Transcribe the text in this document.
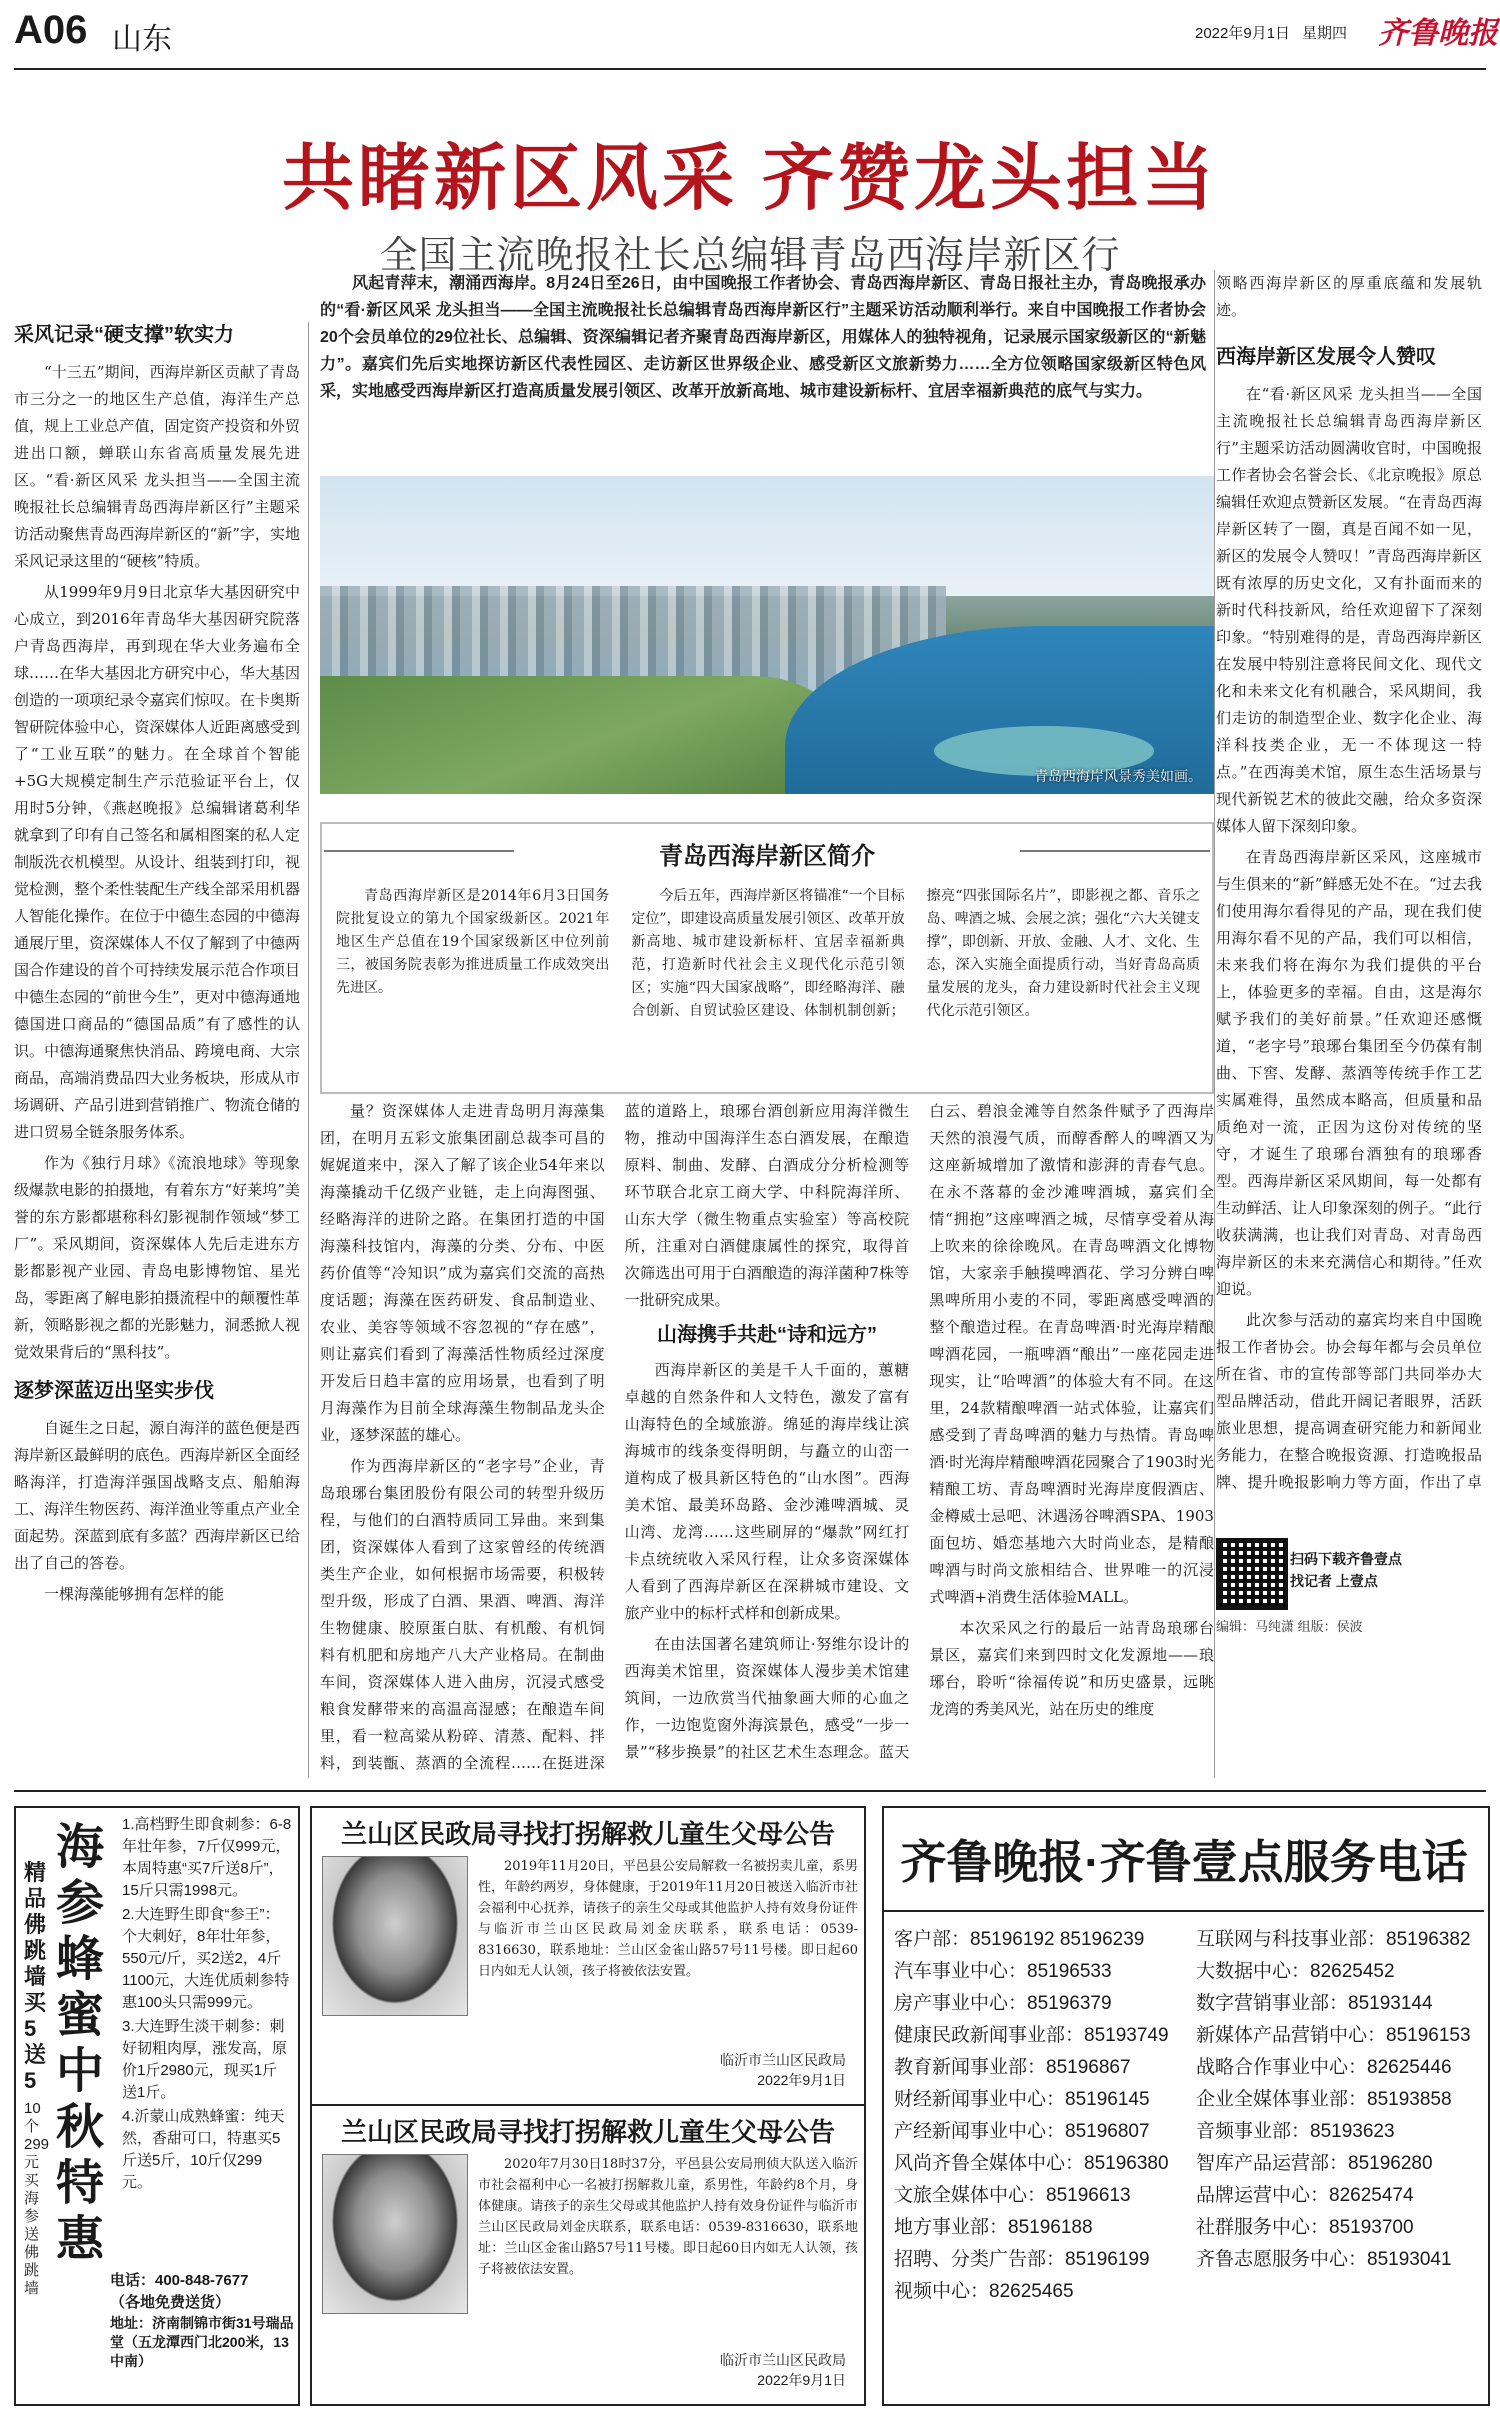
A06 山东	2022年9月1日 星期四 齐鲁晚报
共睹新区风采 齐赞龙头担当
全国主流晚报社长总编辑青岛西海岸新区行
采风记录“硬支撑”软实力

“十三五”期间，西海岸新区贡献了青岛市三分之一的地区生产总值，海洋生产总值，规上工业总产值，固定资产投资和外贸进出口额，蝉联山东省高质量发展先进区。“看·新区风采 龙头担当——全国主流晚报社长总编辑青岛西海岸新区行”主题采访活动聚焦青岛西海岸新区的“新”字，实地采风记录这里的“硬核”特质。

从1999年9月9日北京华大基因研究中心成立，到2016年青岛华大基因研究院落户青岛西海岸，再到现在华大业务遍布全球……在华大基因北方研究中心，华大基因创造的一项项纪录令嘉宾们惊叹。在卡奥斯智研院体验中心，资深媒体人近距离感受到了“工业互联”的魅力。在全球首个智能+5G大规模定制生产示范验证平台上，仅用时5分钟，《燕赵晚报》总编辑诸葛利华就拿到了印有自己签名和属相图案的私人定制版洗衣机模型。从设计、组装到打印，视觉检测，整个柔性装配生产线全部采用机器人智能化操作。在位于中德生态园的中德海通展厅里，资深媒体人不仅了解到了中德两国合作建设的首个可持续发展示范合作项目中德生态园的“前世今生”，更对中德海通地德国进口商品的“德国品质”有了感性的认识。中德海通聚焦快消品、跨境电商、大宗商品，高端消费品四大业务板块，形成从市场调研、产品引进到营销推广、物流仓储的进口贸易全链条服务体系。

作为《独行月球》《流浪地球》等现象级爆款电影的拍摄地，有着东方“好莱坞”美誉的东方影都堪称科幻影视制作领域“梦工厂”。采风期间，资深媒体人先后走进东方影都影视产业园、青岛电影博物馆、星光岛，零距离了解电影拍摄流程中的颠覆性革新，领略影视之都的光影魅力，洞悉掀人视觉效果背后的“黑科技”。

逐梦深蓝迈出坚实步伐

自诞生之日起，源自海洋的蓝色便是西海岸新区最鲜明的底色。西海岸新区全面经略海洋，打造海洋强国战略支点、船舶海工、海洋生物医药、海洋渔业等重点产业全面起势。深蓝到底有多蓝？西海岸新区已给出了自己的答卷。

一棵海藻能够拥有怎样的能

风起青萍末，潮涌西海岸。8月24日至26日，由中国晚报工作者协会、青岛西海岸新区、青岛日报社主办，青岛晚报承办的“看·新区风采 龙头担当——全国主流晚报社长总编辑青岛西海岸新区行”主题采访活动顺利举行。来自中国晚报工作者协会20个会员单位的29位社长、总编辑、资深编辑记者齐聚青岛西海岸新区，用媒体人的独特视角，记录展示国家级新区的“新魅力”。嘉宾们先后实地探访新区代表性园区、走访新区世界级企业、感受新区文旅新势力……全方位领略国家级新区特色风采，实地感受西海岸新区打造高质量发展引领区、改革开放新高地、城市建设新标杆、宜居幸福新典范的底气与实力。
青岛西海岸风景秀美如画。
青岛西海岸新区简介

青岛西海岸新区是2014年6月3日国务院批复设立的第九个国家级新区。2021年地区生产总值在19个国家级新区中位列前三，被国务院表彰为推进质量工作成效突出先进区。

今后五年，西海岸新区将锚准“一个目标定位”，即建设高质量发展引领区、改革开放新高地、城市建设新标杆、宜居幸福新典范，打造新时代社会主义现代化示范引领区；实施“四大国家战略”，即经略海洋、融合创新、自贸试验区建设、体制机制创新；擦亮“四张国际名片”，即影视之都、音乐之岛、啤酒之城、会展之滨；强化“六大关键支撑”，即创新、开放、金融、人才、文化、生态，深入实施全面提质行动，当好青岛高质量发展的龙头，奋力建设新时代社会主义现代化示范引领区。

量？资深媒体人走进青岛明月海藻集团，在明月五彩文旅集团副总裁李可昌的娓娓道来中，深入了解了该企业54年来以海藻撬动千亿级产业链，走上向海图强、经略海洋的进阶之路。在集团打造的中国海藻科技馆内，海藻的分类、分布、中医药价值等“冷知识”成为嘉宾们交流的高热度话题；海藻在医药研发、食品制造业、农业、美容等领域不容忽视的“存在感”，则让嘉宾们看到了海藻活性物质经过深度开发后日趋丰富的应用场景，也看到了明月海藻作为目前全球海藻生物制品龙头企业，逐梦深蓝的雄心。

作为西海岸新区的“老字号”企业，青岛琅琊台集团股份有限公司的转型升级历程，与他们的白酒特质同工异曲。来到集团，资深媒体人看到了这家曾经的传统酒类生产企业，如何根据市场需要，积极转型升级，形成了白酒、果酒、啤酒、海洋生物健康、胶原蛋白肽、有机酸、有机饲料有机肥和房地产八大产业格局。在制曲车间，资深媒体人进入曲房，沉浸式感受粮食发酵带来的高温高湿感；在酿造车间里，看一粒高粱从粉碎、清蒸、配料、拌料，到装甑、蒸酒的全流程……在挺进深蓝的道路上，琅琊台酒创新应用海洋微生物，推动中国海洋生态白酒发展，在酿造原料、制曲、发酵、白酒成分分析检测等环节联合北京工商大学、中科院海洋所、山东大学（微生物重点实验室）等高校院所，注重对白酒健康属性的探究，取得首次筛选出可用于白酒酿造的海洋菌种7株等一批研究成果。

山海携手共赴“诗和远方”

西海岸新区的美是千人千面的，蕙糖卓越的自然条件和人文特色，激发了富有山海特色的全域旅游。绵延的海岸线让滨海城市的线条变得明朗，与矗立的山峦一道构成了极具新区特色的“山水图”。西海美术馆、最美环岛路、金沙滩啤酒城、灵山湾、龙湾……这些刷屏的“爆款”网红打卡点统统收入采风行程，让众多资深媒体人看到了西海岸新区在深耕城市建设、文旅产业中的标杆式样和创新成果。

在由法国著名建筑师让·努维尔设计的西海美术馆里，资深媒体人漫步美术馆建筑间，一边欣赏当代抽象画大师的心血之作，一边饱览窗外海滨景色，感受“一步一景”“移步换景”的社区艺术生态理念。蓝天白云、碧浪金滩等自然条件赋予了西海岸天然的浪漫气质，而醇香醉人的啤酒又为这座新城增加了激情和澎湃的青春气息。在永不落幕的金沙滩啤酒城，嘉宾们全情“拥抱”这座啤酒之城，尽情享受着从海上吹来的徐徐晚风。在青岛啤酒文化博物馆，大家亲手触摸啤酒花、学习分辨白啤黑啤所用小麦的不同，零距离感受啤酒的整个酿造过程。在青岛啤酒·时光海岸精酿啤酒花园，一瓶啤酒“酿出”一座花园走进现实，让“哈啤酒”的体验大有不同。在这里，24款精酿啤酒一站式体验，让嘉宾们感受到了青岛啤酒的魅力与热情。青岛啤酒·时光海岸精酿啤酒花园聚合了1903时光精酿工坊、青岛啤酒时光海岸度假酒店、金樽威士忌吧、沐遇汤谷啤酒SPA、1903面包坊、婚恋基地六大时尚业态，是精酿啤酒与时尚文旅相结合、世界唯一的沉浸式啤酒+消费生活体验MALL。

本次采风之行的最后一站青岛琅琊台景区，嘉宾们来到四时文化发源地——琅琊台，聆听“徐福传说”和历史盛景，远眺龙湾的秀美风光，站在历史的维度

领略西海岸新区的厚重底蕴和发展轨迹。
西海岸新区发展令人赞叹

在“看·新区风采 龙头担当——全国主流晚报社长总编辑青岛西海岸新区行”主题采访活动圆满收官时，中国晚报工作者协会名誉会长、《北京晚报》原总编辑任欢迎点赞新区发展。“在青岛西海岸新区转了一圈，真是百闻不如一见，新区的发展令人赞叹！”青岛西海岸新区既有浓厚的历史文化，又有扑面而来的新时代科技新风，给任欢迎留下了深刻印象。“特别难得的是，青岛西海岸新区在发展中特别注意将民间文化、现代文化和未来文化有机融合，采风期间，我们走访的制造型企业、数字化企业、海洋科技类企业，无一不体现这一特点。”在西海美术馆，原生态生活场景与现代新锐艺术的彼此交融，给众多资深媒体人留下深刻印象。

在青岛西海岸新区采风，这座城市与生俱来的“新”鲜感无处不在。“过去我们使用海尔看得见的产品，现在我们使用海尔看不见的产品，我们可以相信，未来我们将在海尔为我们提供的平台上，体验更多的幸福。自由，这是海尔赋予我们的美好前景。”任欢迎还感慨道，“老字号”琅琊台集团至今仍葆有制曲、下窖、发酵、蒸酒等传统手作工艺实属难得，虽然成本略高，但质量和品质绝对一流，正因为这份对传统的坚守，才诞生了琅琊台酒独有的琅琊香型。西海岸新区采风期间，每一处都有生动鲜活、让人印象深刻的例子。“此行收获满满，也让我们对青岛、对青岛西海岸新区的未来充满信心和期待。”任欢迎说。

此次参与活动的嘉宾均来自中国晚报工作者协会。协会每年都与会员单位所在省、市的宣传部等部门共同举办大型品牌活动，借此开阔记者眼界，活跃旅业思想，提高调查研究能力和新闻业务能力，在整合晚报资源、打造晚报品牌、提升晚报影响力等方面，作出了卓

扫码下载齐鲁壹点
找记者 上壹点
编辑：马纯潇 组版：侯波
精品佛跳墙买5送5
海参蜂蜜中秋特惠

1.高档野生即食刺参：6-8年壮年参，7斤仅999元，本周特惠“买7斤送8斤”，15斤只需1998元。

2.大连野生即食“参王”：个大刺好，8年壮年参，550元/斤，买2送2，4斤1100元，大连优质刺参特惠100头只需999元。

3.大连野生淡干刺参：刺好韧粗肉厚，涨发高，原价1斤2980元，现买1斤送1斤。

4.沂蒙山成熟蜂蜜：纯天然，香甜可口，特惠买5斤送5斤，10斤仅299元。

电话：400-848-7677
（各地免费送货）
地址：济南制锦市街31号瑞品堂（五龙潭西门北200米，13中南）
10个299元买海参送佛跳墙
兰山区民政局寻找打拐解救儿童生父母公告
2019年11月20日，平邑县公安局解救一名被拐卖儿童，系男性，年龄约两岁，身体健康，于2019年11月20日被送入临沂市社会福利中心抚养，请孩子的亲生父母或其他监护人持有效身份证件与临沂市兰山区民政局刘金庆联系，联系电话：0539-8316630，联系地址：兰山区金雀山路57号11号楼。即日起60日内如无人认领，孩子将被依法安置。
临沂市兰山区民政局
2022年9月1日
兰山区民政局寻找打拐解救儿童生父母公告
2020年7月30日18时37分，平邑县公安局刑侦大队送入临沂市社会福利中心一名被打拐解救儿童，系男性，年龄约8个月，身体健康。请孩子的亲生父母或其他监护人持有效身份证件与临沂市兰山区民政局刘金庆联系，联系电话：0539-8316630，联系地址：兰山区金雀山路57号11号楼。即日起60日内如无人认领，孩子将被依法安置。
临沂市兰山区民政局
2022年9月1日
齐鲁晚报·齐鲁壹点服务电话
客户部：85196192 85196239
汽车事业中心：85196533
房产事业中心：85196379
健康民政新闻事业部：85193749
教育新闻事业部：85196867
财经新闻事业中心：85196145
产经新闻事业中心：85196807
风尚齐鲁全媒体中心：85196380
文旅全媒体中心：85196613
地方事业部：85196188
招聘、分类广告部：85196199
视频中心：82625465
互联网与科技事业部：85196382
大数据中心：82625452
数字营销事业部：85193144
新媒体产品营销中心：85196153
战略合作事业中心：82625446
企业全媒体事业部：85193858
音频事业部：85193623
智库产品运营部：85196280
品牌运营中心：82625474
社群服务中心：85193700
齐鲁志愿服务中心：85193041
